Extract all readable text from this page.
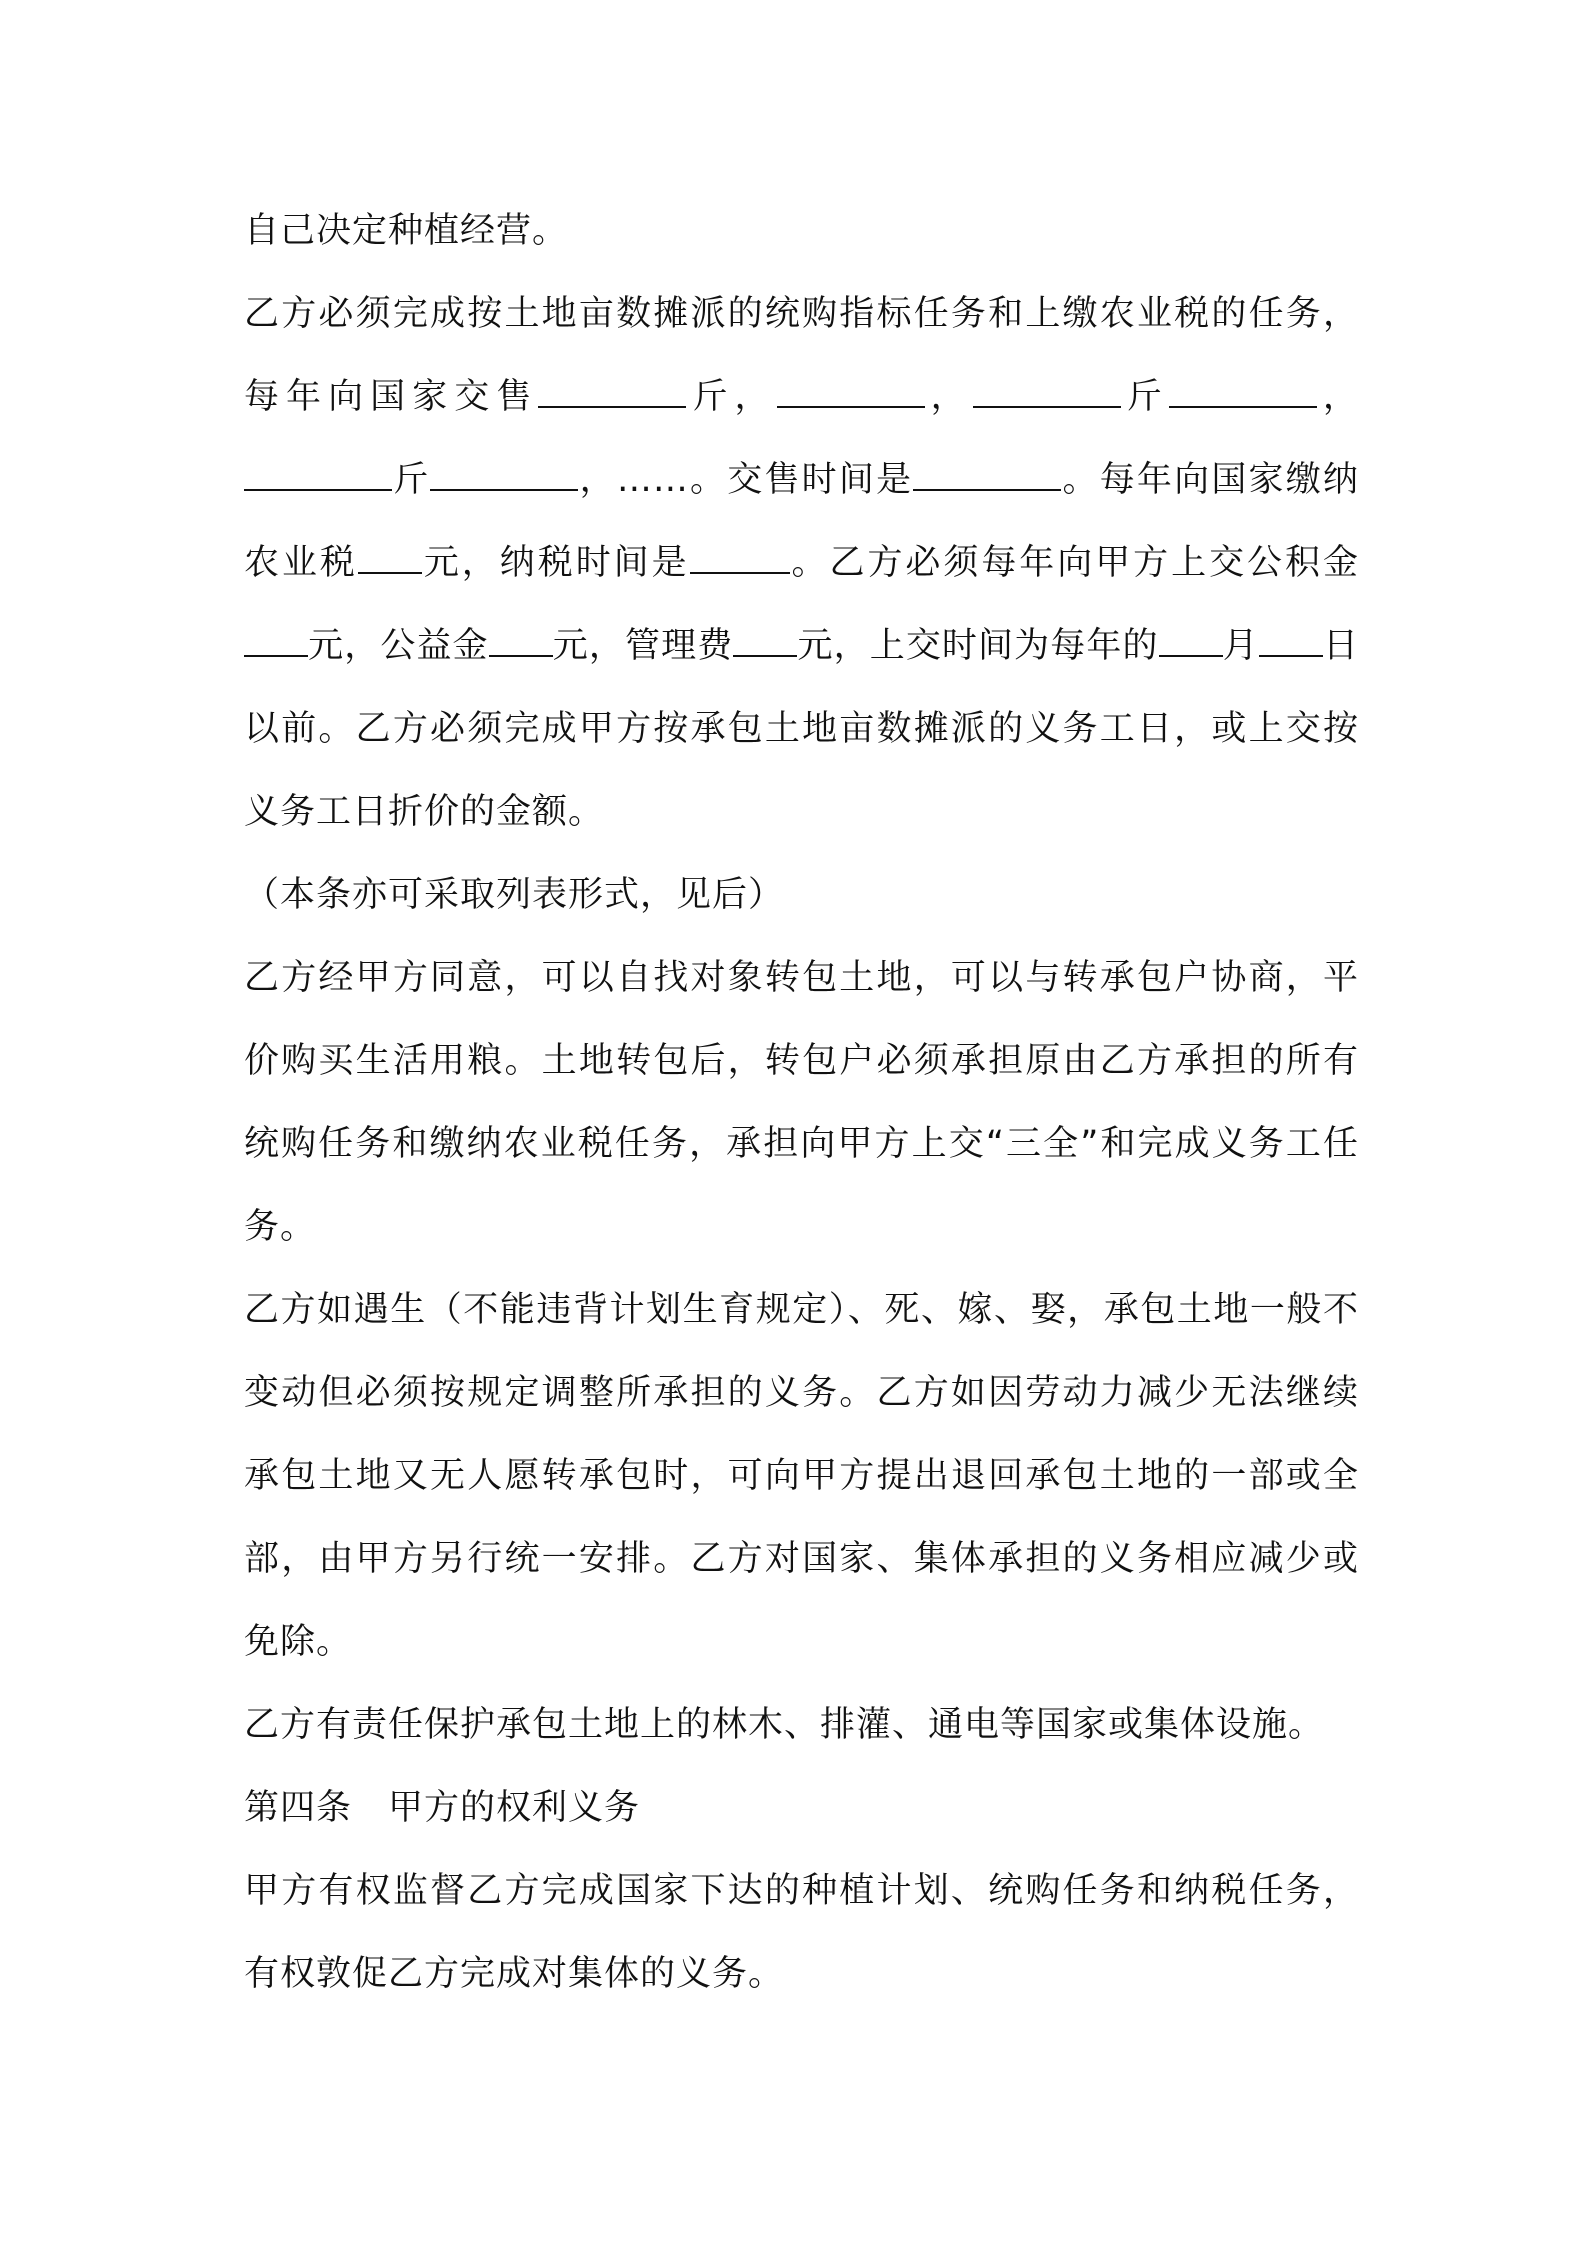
自己决定种植经营。

乙方必须完成按土地亩数摊派的统购指标任务和上缴农业税的任务，每年向国家交售	斤，	，	斤	，斤	，……。交售时间是	。每年向国家缴纳农业税 元，纳税时间是	。乙方必须每年向甲方上交公积金元，公益金 元，管理费 元，上交时间为每年的 月 日以前。乙方必须完成甲方按承包土地亩数摊派的义务工日，或上交按义务工日折价的金额。

（本条亦可采取列表形式，见后）

乙方经甲方同意，可以自找对象转包土地，可以与转承包户协商，平价购买生活用粮。土地转包后，转包户必须承担原由乙方承担的所有统购任务和缴纳农业税任务，承担向甲方上交“三全”和完成义务工任务。

乙方如遇生（不能违背计划生育规定）、死、嫁、娶，承包土地一般不变动但必须按规定调整所承担的义务。乙方如因劳动力减少无法继续承包土地又无人愿转承包时，可向甲方提出退回承包土地的一部或全部，由甲方另行统一安排。乙方对国家、集体承担的义务相应减少或免除。

乙方有责任保护承包土地上的林木、排灌、通电等国家或集体设施。

第四条　甲方的权利义务

甲方有权监督乙方完成国家下达的种植计划、统购任务和纳税任务，有权敦促乙方完成对集体的义务。
